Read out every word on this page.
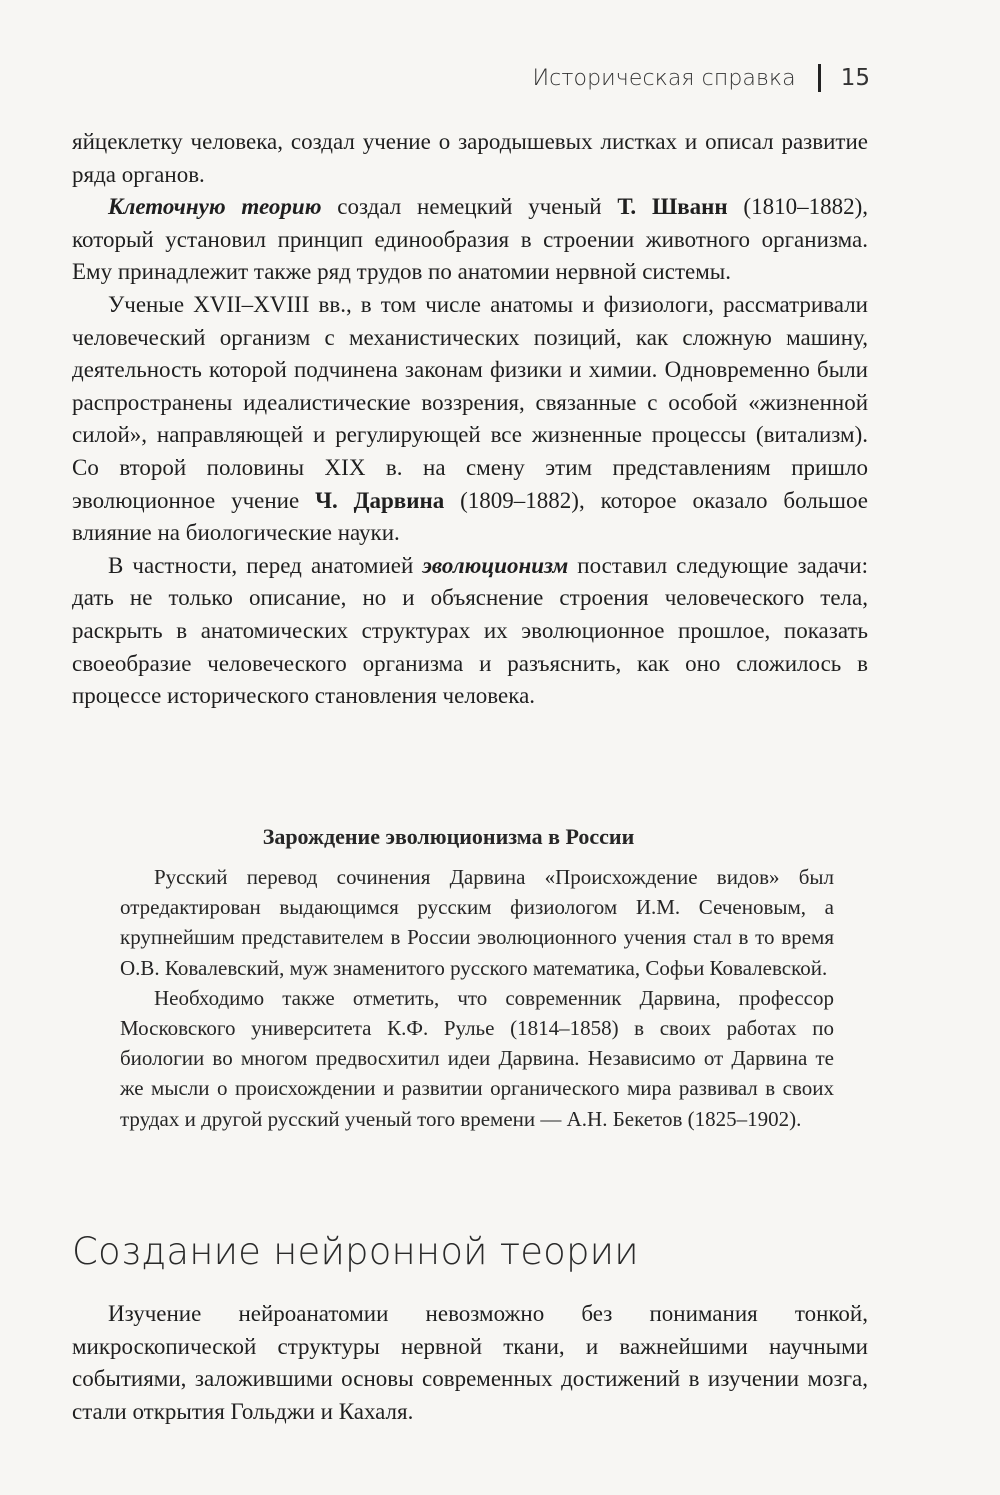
Историческая справка 15

яйцеклетку человека, создал учение о зародышевых листках и описал развитие ряда органов.

Клеточную теорию создал немецкий ученый Т. Шванн (1810–1882), который установил принцип единообразия в строении животного организма. Ему принадлежит также ряд трудов по анатомии нервной системы.

Ученые XVII–XVIII вв., в том числе анатомы и физиологи, рассматривали человеческий организм с механистических позиций, как сложную машину, деятельность которой подчинена законам физики и химии. Одновременно были распространены идеалистические воззрения, связанные с особой «жизненной силой», направляющей и регулирующей все жизненные процессы (витализм). Со второй половины XIX в. на смену этим представлениям пришло эволюционное учение Ч. Дарвина (1809–1882), которое оказало большое влияние на биологические науки.

В частности, перед анатомией эволюционизм поставил следующие задачи: дать не только описание, но и объяснение строения человеческого тела, раскрыть в анатомических структурах их эволюционное прошлое, показать своеобразие человеческого организма и разъяснить, как оно сложилось в процессе исторического становления человека.

Зарождение эволюционизма в России

Русский перевод сочинения Дарвина «Происхождение видов» был отредактирован выдающимся русским физиологом И.М. Сеченовым, а крупнейшим представителем в России эволюционного учения стал в то время О.В. Ковалевский, муж знаменитого русского математика, Софьи Ковалевской.

Необходимо также отметить, что современник Дарвина, профессор Московского университета К.Ф. Рулье (1814–1858) в своих работах по биологии во многом предвосхитил идеи Дарвина. Независимо от Дарвина те же мысли о происхождении и развитии органического мира развивал в своих трудах и другой русский ученый того времени — А.Н. Бекетов (1825–1902).

Создание нейронной теории

Изучение нейроанатомии невозможно без понимания тонкой, микроскопической структуры нервной ткани, и важнейшими научными событиями, заложившими основы современных достижений в изучении мозга, стали открытия Гольджи и Кахаля.
